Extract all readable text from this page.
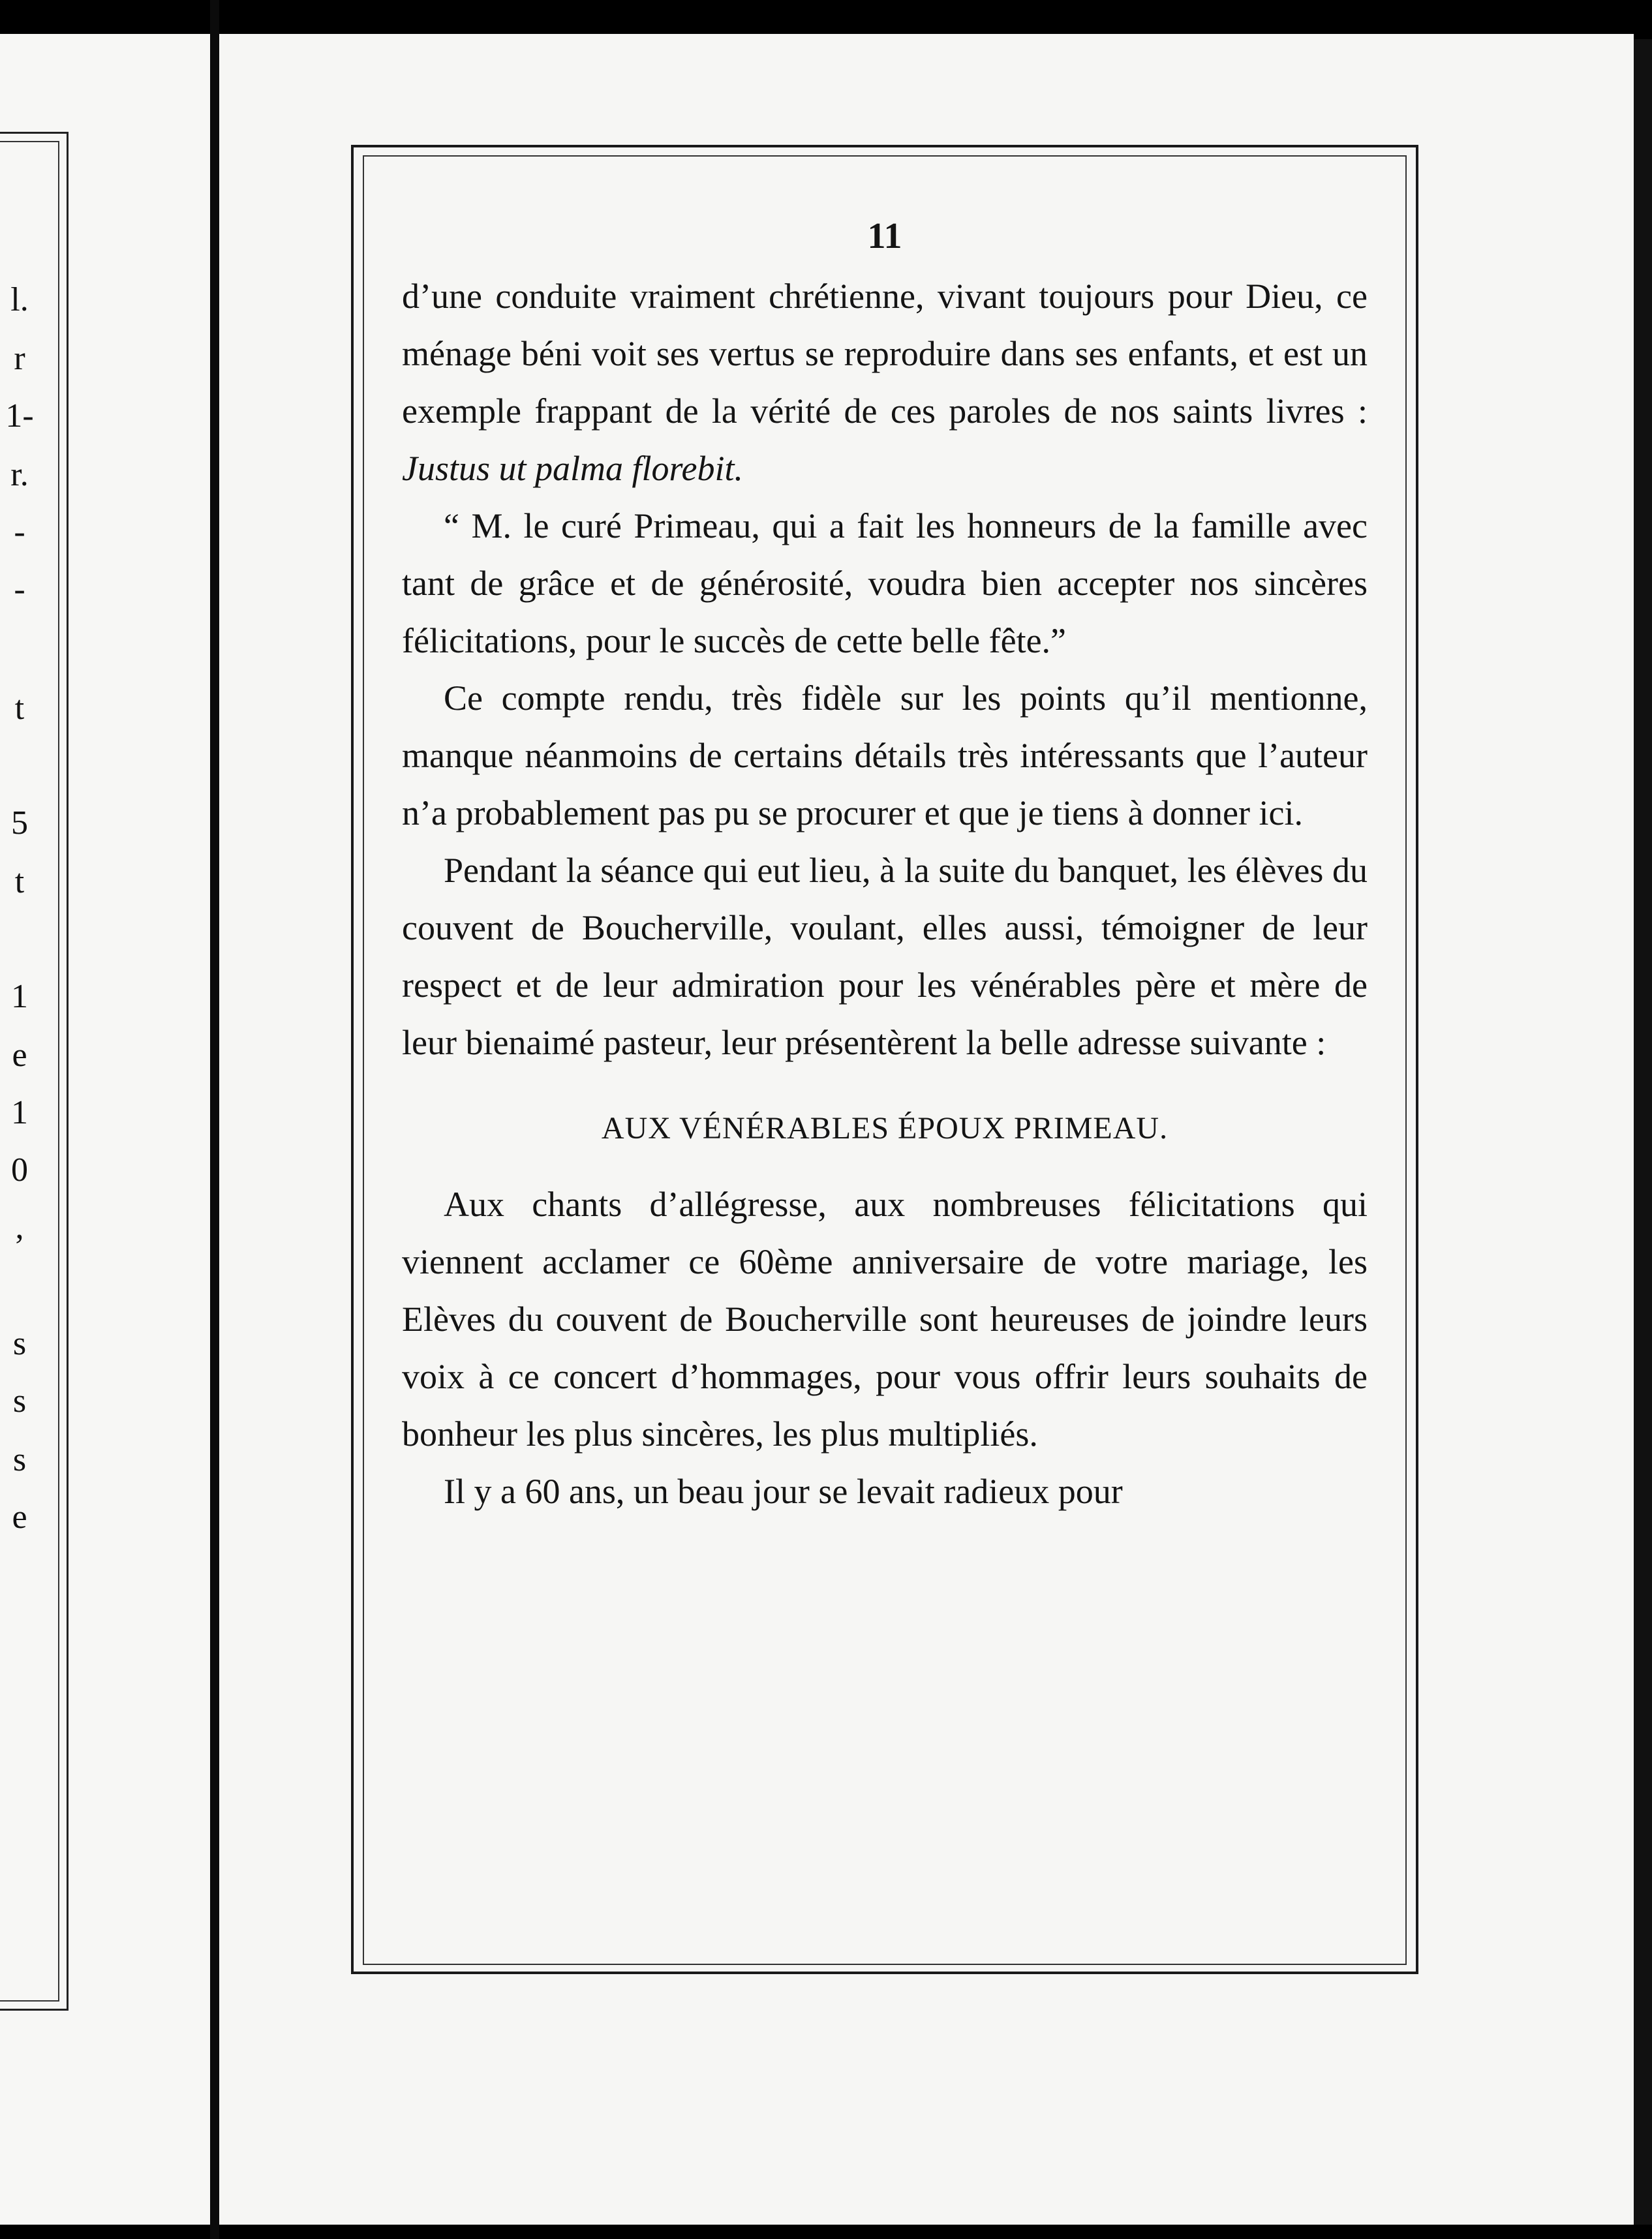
l.
r
1-
r.
-
-
t
5
t
1
e
1
0
,
s
s
s
e
11

d’une conduite vraiment chrétienne, vivant toujours pour Dieu, ce ménage béni voit ses vertus se reproduire dans ses enfants, et est un exemple frappant de la vérité de ces paroles de nos saints livres : Justus ut palma florebit.

“ M. le curé Primeau, qui a fait les honneurs de la famille avec tant de grâce et de générosité, voudra bien accepter nos sincères félicitations, pour le succès de cette belle fête.”

Ce compte rendu, très fidèle sur les points qu’il mentionne, manque néanmoins de certains détails très intéressants que l’auteur n’a probablement pas pu se procurer et que je tiens à donner ici.

Pendant la séance qui eut lieu, à la suite du banquet, les élèves du couvent de Boucherville, voulant, elles aussi, témoigner de leur respect et de leur admiration pour les vénérables père et mère de leur bienaimé pasteur, leur présentèrent la belle adresse suivante :

AUX VÉNÉRABLES ÉPOUX PRIMEAU.

Aux chants d’allégresse, aux nombreuses félicitations qui viennent acclamer ce 60ème anniversaire de votre mariage, les Elèves du couvent de Boucherville sont heureuses de joindre leurs voix à ce concert d’hommages, pour vous offrir leurs souhaits de bonheur les plus sincères, les plus multipliés.

Il y a 60 ans, un beau jour se levait radieux pour
